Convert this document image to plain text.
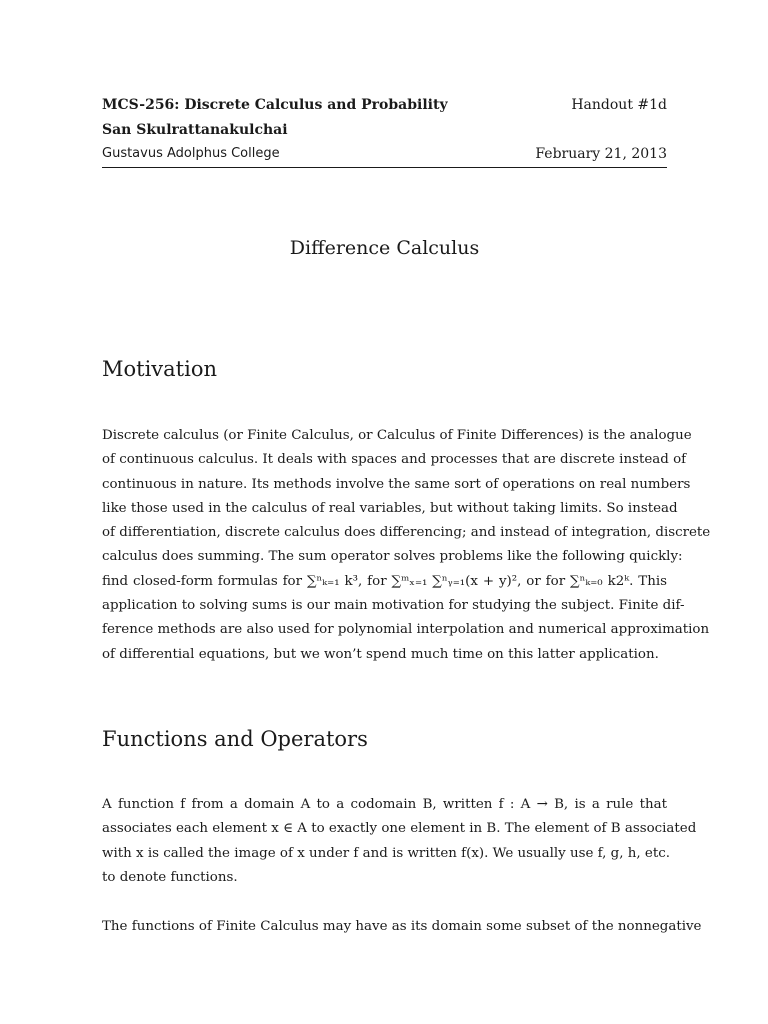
MCS-256: Discrete Calculus and Probability	Handout #1d
San Skulrattanakulchai
Gustavus Adolphus College	February 21, 2013
Difference Calculus
Motivation
Discrete calculus (or Finite Calculus, or Calculus of Finite Differences) is the analogue
of continuous calculus. It deals with spaces and processes that are discrete instead of
continuous in nature. Its methods involve the same sort of operations on real numbers
like those used in the calculus of real variables, but without taking limits. So instead
of differentiation, discrete calculus does differencing; and instead of integration, discrete
calculus does summing. The sum operator solves problems like the following quickly:
find closed-form formulas for ∑ⁿₖ₌₁ k³, for ∑ᵐₓ₌₁ ∑ⁿᵧ₌₁(x + y)², or for ∑ⁿₖ₌₀ k2ᵏ. This
application to solving sums is our main motivation for studying the subject. Finite dif-
ference methods are also used for polynomial interpolation and numerical approximation
of differential equations, but we won’t spend much time on this latter application.
Functions and Operators
A function f from a domain A to a codomain B, written f : A → B, is a rule that
associates each element x ∈ A to exactly one element in B. The element of B associated
with x is called the image of x under f and is written f(x). We usually use f, g, h, etc.
to denote functions.
The functions of Finite Calculus may have as its domain some subset of the nonnegative
